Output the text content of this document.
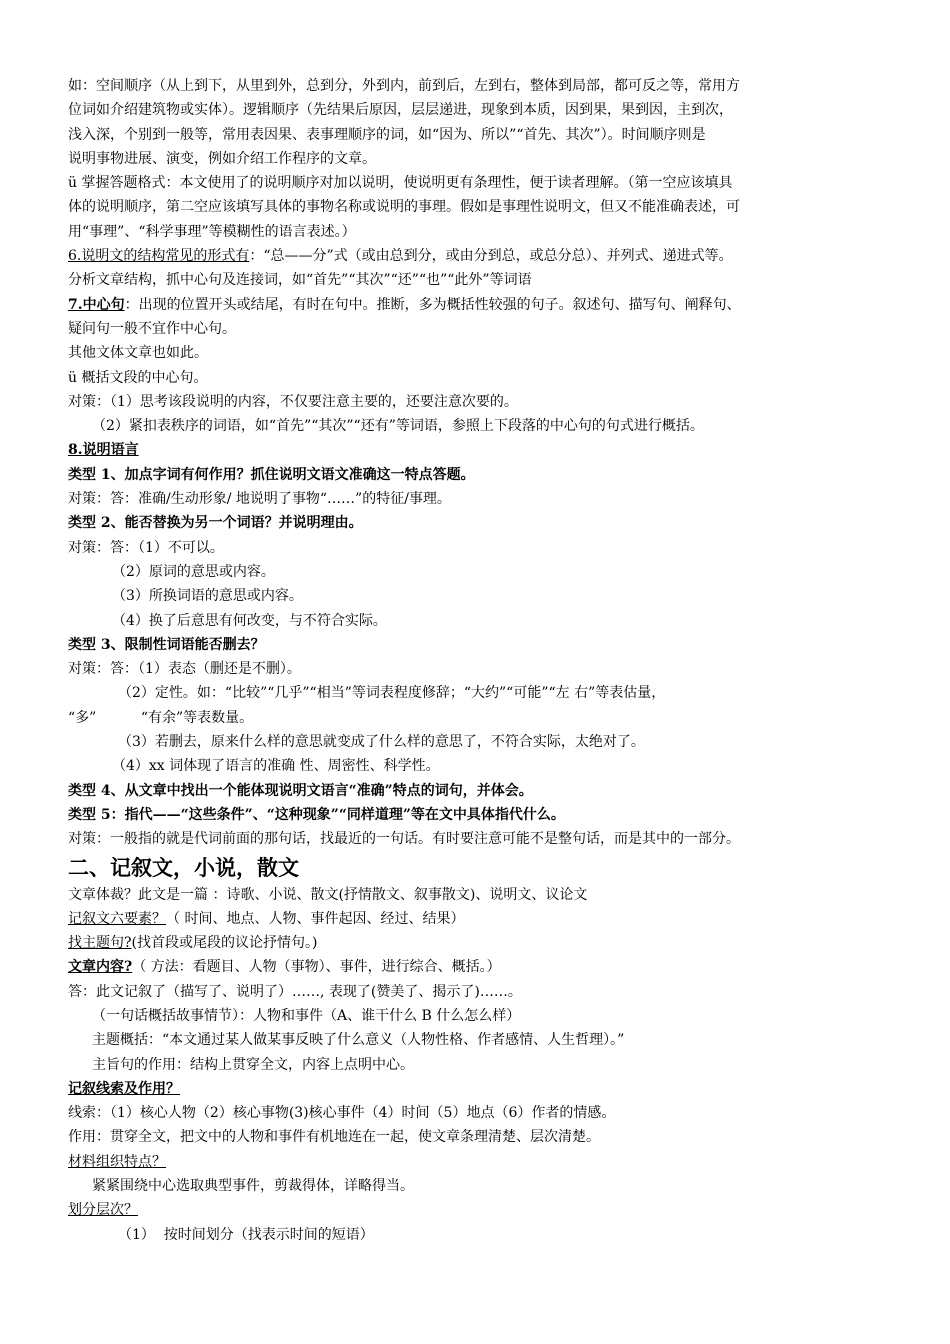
如：空间顺序（从上到下，从里到外，总到分，外到内，前到后，左到右，整体到局部，都可反之等，常用方
位词如介绍建筑物或实体）。逻辑顺序（先结果后原因，层层递进，现象到本质，因到果，果到因，主到次，
浅入深，个别到一般等，常用表因果、表事理顺序的词，如“因为、所以”“首先、其次”）。时间顺序则是
说明事物进展、演变，例如介绍工作程序的文章。
ü 掌握答题格式：本文使用了的说明顺序对加以说明，使说明更有条理性，便于读者理解。（第一空应该填具
体的说明顺序，第二空应该填写具体的事物名称或说明的事理。假如是事理性说明文，但又不能准确表述，可
用“事理”、“科学事理”等模糊性的语言表述。）
6.说明文的结构常见的形式有：“总——分”式（或由总到分，或由分到总，或总分总）、并列式、递进式等。
分析文章结构，抓中心句及连接词，如“首先”“其次”“还”“也”“此外”等词语
7.中心句：出现的位置开头或结尾，有时在句中。推断，多为概括性较强的句子。叙述句、描写句、阐释句、
疑问句一般不宜作中心句。
其他文体文章也如此。
ü 概括文段的中心句。
对策：（1）思考该段说明的内容，不仅要注意主要的，还要注意次要的。
（2）紧扣表秩序的词语，如“首先”“其次”“还有”等词语，参照上下段落的中心句的句式进行概括。
8.说明语言
类型 1、加点字词有何作用？抓住说明文语文准确这一特点答题。
对策：答：准确/生动形象/ 地说明了事物“……”的特征/事理。
类型 2、能否替换为另一个词语？并说明理由。
对策：答：（1）不可以。
（2）原词的意思或内容。
（3）所换词语的意思或内容。
（4）换了后意思有何改变，与不符合实际。
类型 3、限制性词语能否删去？
对策：答：（1）表态（删还是不删）。
（2）定性。如：“比较”“几乎”“相当”等词表程度修辞；“大约”“可能”“左 右”等表估量，
“多”          “有余”等表数量。
（3）若删去，原来什么样的意思就变成了什么样的意思了，不符合实际，太绝对了。
（4）xx 词体现了语言的准确 性、周密性、科学性。
类型 4、从文章中找出一个能体现说明文语言“准确”特点的词句，并体会。
类型 5：指代——“这些条件”、“这种现象”“同样道理”等在文中具体指代什么。
对策：一般指的就是代词前面的那句话，找最近的一句话。有时要注意可能不是整句话，而是其中的一部分。
二、记叙文，小说，散文
文章体裁？此文是一篇 ：诗歌、小说、散文(抒情散文、叙事散文)、说明文、议论文
记叙文六要素？（ 时间、地点、人物、事件起因、经过、结果）
找主题句?(找首段或尾段的议论抒情句。)
文章内容?（ 方法：看题目、人物（事物）、事件，进行综合、概括。）
答：此文记叙了（描写了、说明了）……, 表现了(赞美了、揭示了)……。
（一句话概括故事情节）：人物和事件（A、谁干什么 B 什么怎么样）
主题概括：“本文通过某人做某事反映了什么意义（人物性格、作者感情、人生哲理）。”
主旨句的作用：结构上贯穿全文，内容上点明中心。
记叙线索及作用？
线索：（1）核心人物（2）核心事物(3)核心事件（4）时间（5）地点（6）作者的情感。
作用：贯穿全文，把文中的人物和事件有机地连在一起，使文章条理清楚、层次清楚。
材料组织特点？
紧紧围绕中心选取典型事件，剪裁得体，详略得当。
划分层次？
（1）  按时间划分（找表示时间的短语）
